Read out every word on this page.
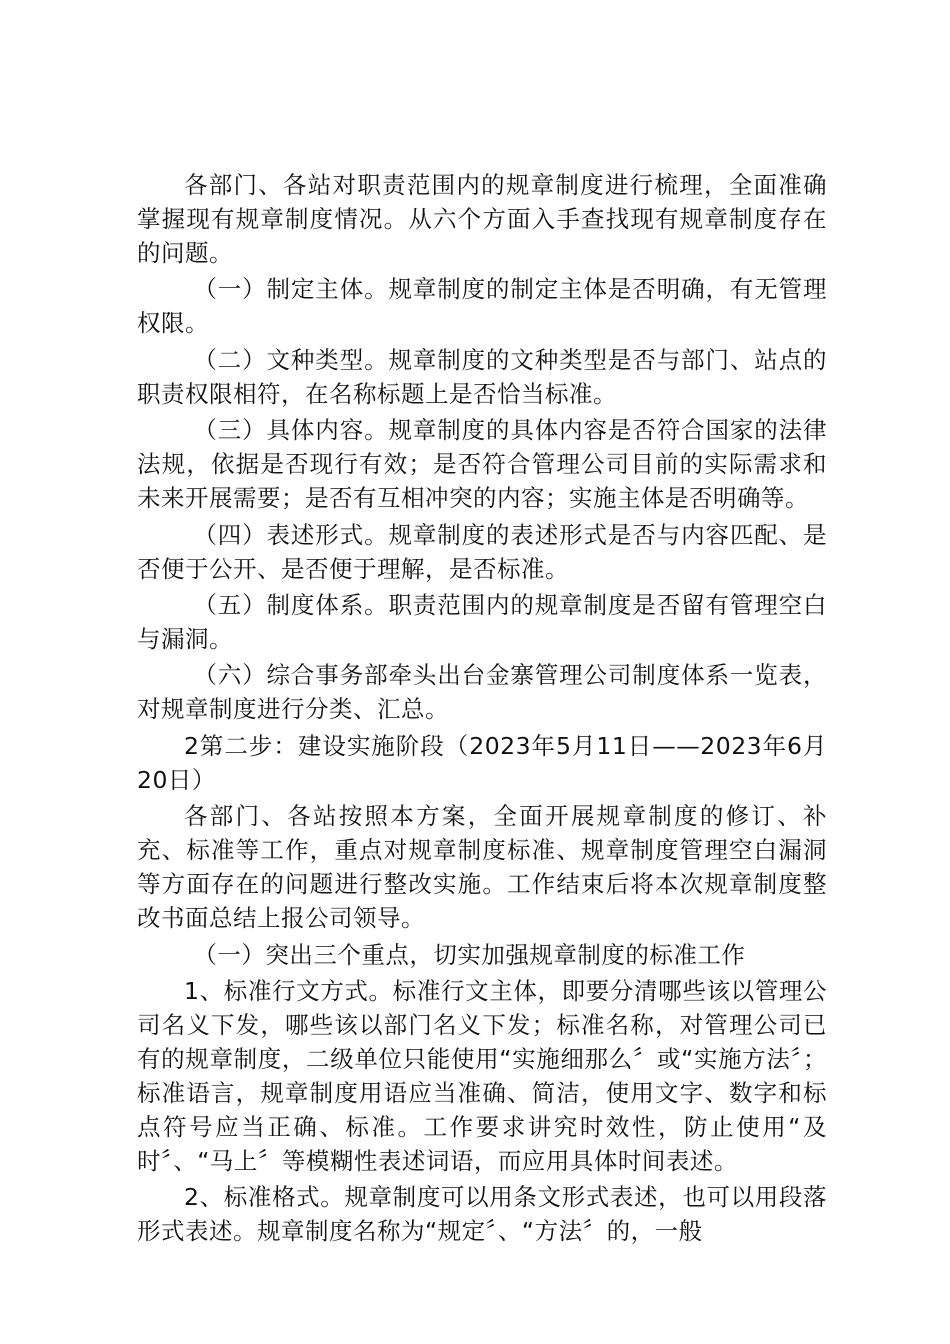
各部门、各站对职责范围内的规章制度进行梳理，全面准确掌握现有规章制度情况。从六个方面入手查找现有规章制度存在的问题。

（一）制定主体。规章制度的制定主体是否明确，有无管理权限。

（二）文种类型。规章制度的文种类型是否与部门、站点的职责权限相符，在名称标题上是否恰当标准。

（三）具体内容。规章制度的具体内容是否符合国家的法律法规，依据是否现行有效；是否符合管理公司目前的实际需求和未来开展需要；是否有互相冲突的内容；实施主体是否明确等。

（四）表述形式。规章制度的表述形式是否与内容匹配、是否便于公开、是否便于理解，是否标准。

（五）制度体系。职责范围内的规章制度是否留有管理空白与漏洞。

（六）综合事务部牵头出台金寨管理公司制度体系一览表，对规章制度进行分类、汇总。

2第二步：建设实施阶段（2023年5月11日——2023年6月20日）

各部门、各站按照本方案，全面开展规章制度的修订、补充、标准等工作，重点对规章制度标准、规章制度管理空白漏洞等方面存在的问题进行整改实施。工作结束后将本次规章制度整改书面总结上报公司领导。

（一）突出三个重点，切实加强规章制度的标准工作

1、标准行文方式。标准行文主体，即要分清哪些该以管理公司名义下发，哪些该以部门名义下发；标准名称，对管理公司已有的规章制度，二级单位只能使用“实施细那么〞或“实施方法〞；标准语言，规章制度用语应当准确、简洁，使用文字、数字和标点符号应当正确、标准。工作要求讲究时效性，防止使用“及时〞、“马上〞等模糊性表述词语，而应用具体时间表述。

2、标准格式。规章制度可以用条文形式表述，也可以用段落形式表述。规章制度名称为“规定〞、“方法〞的，一般
